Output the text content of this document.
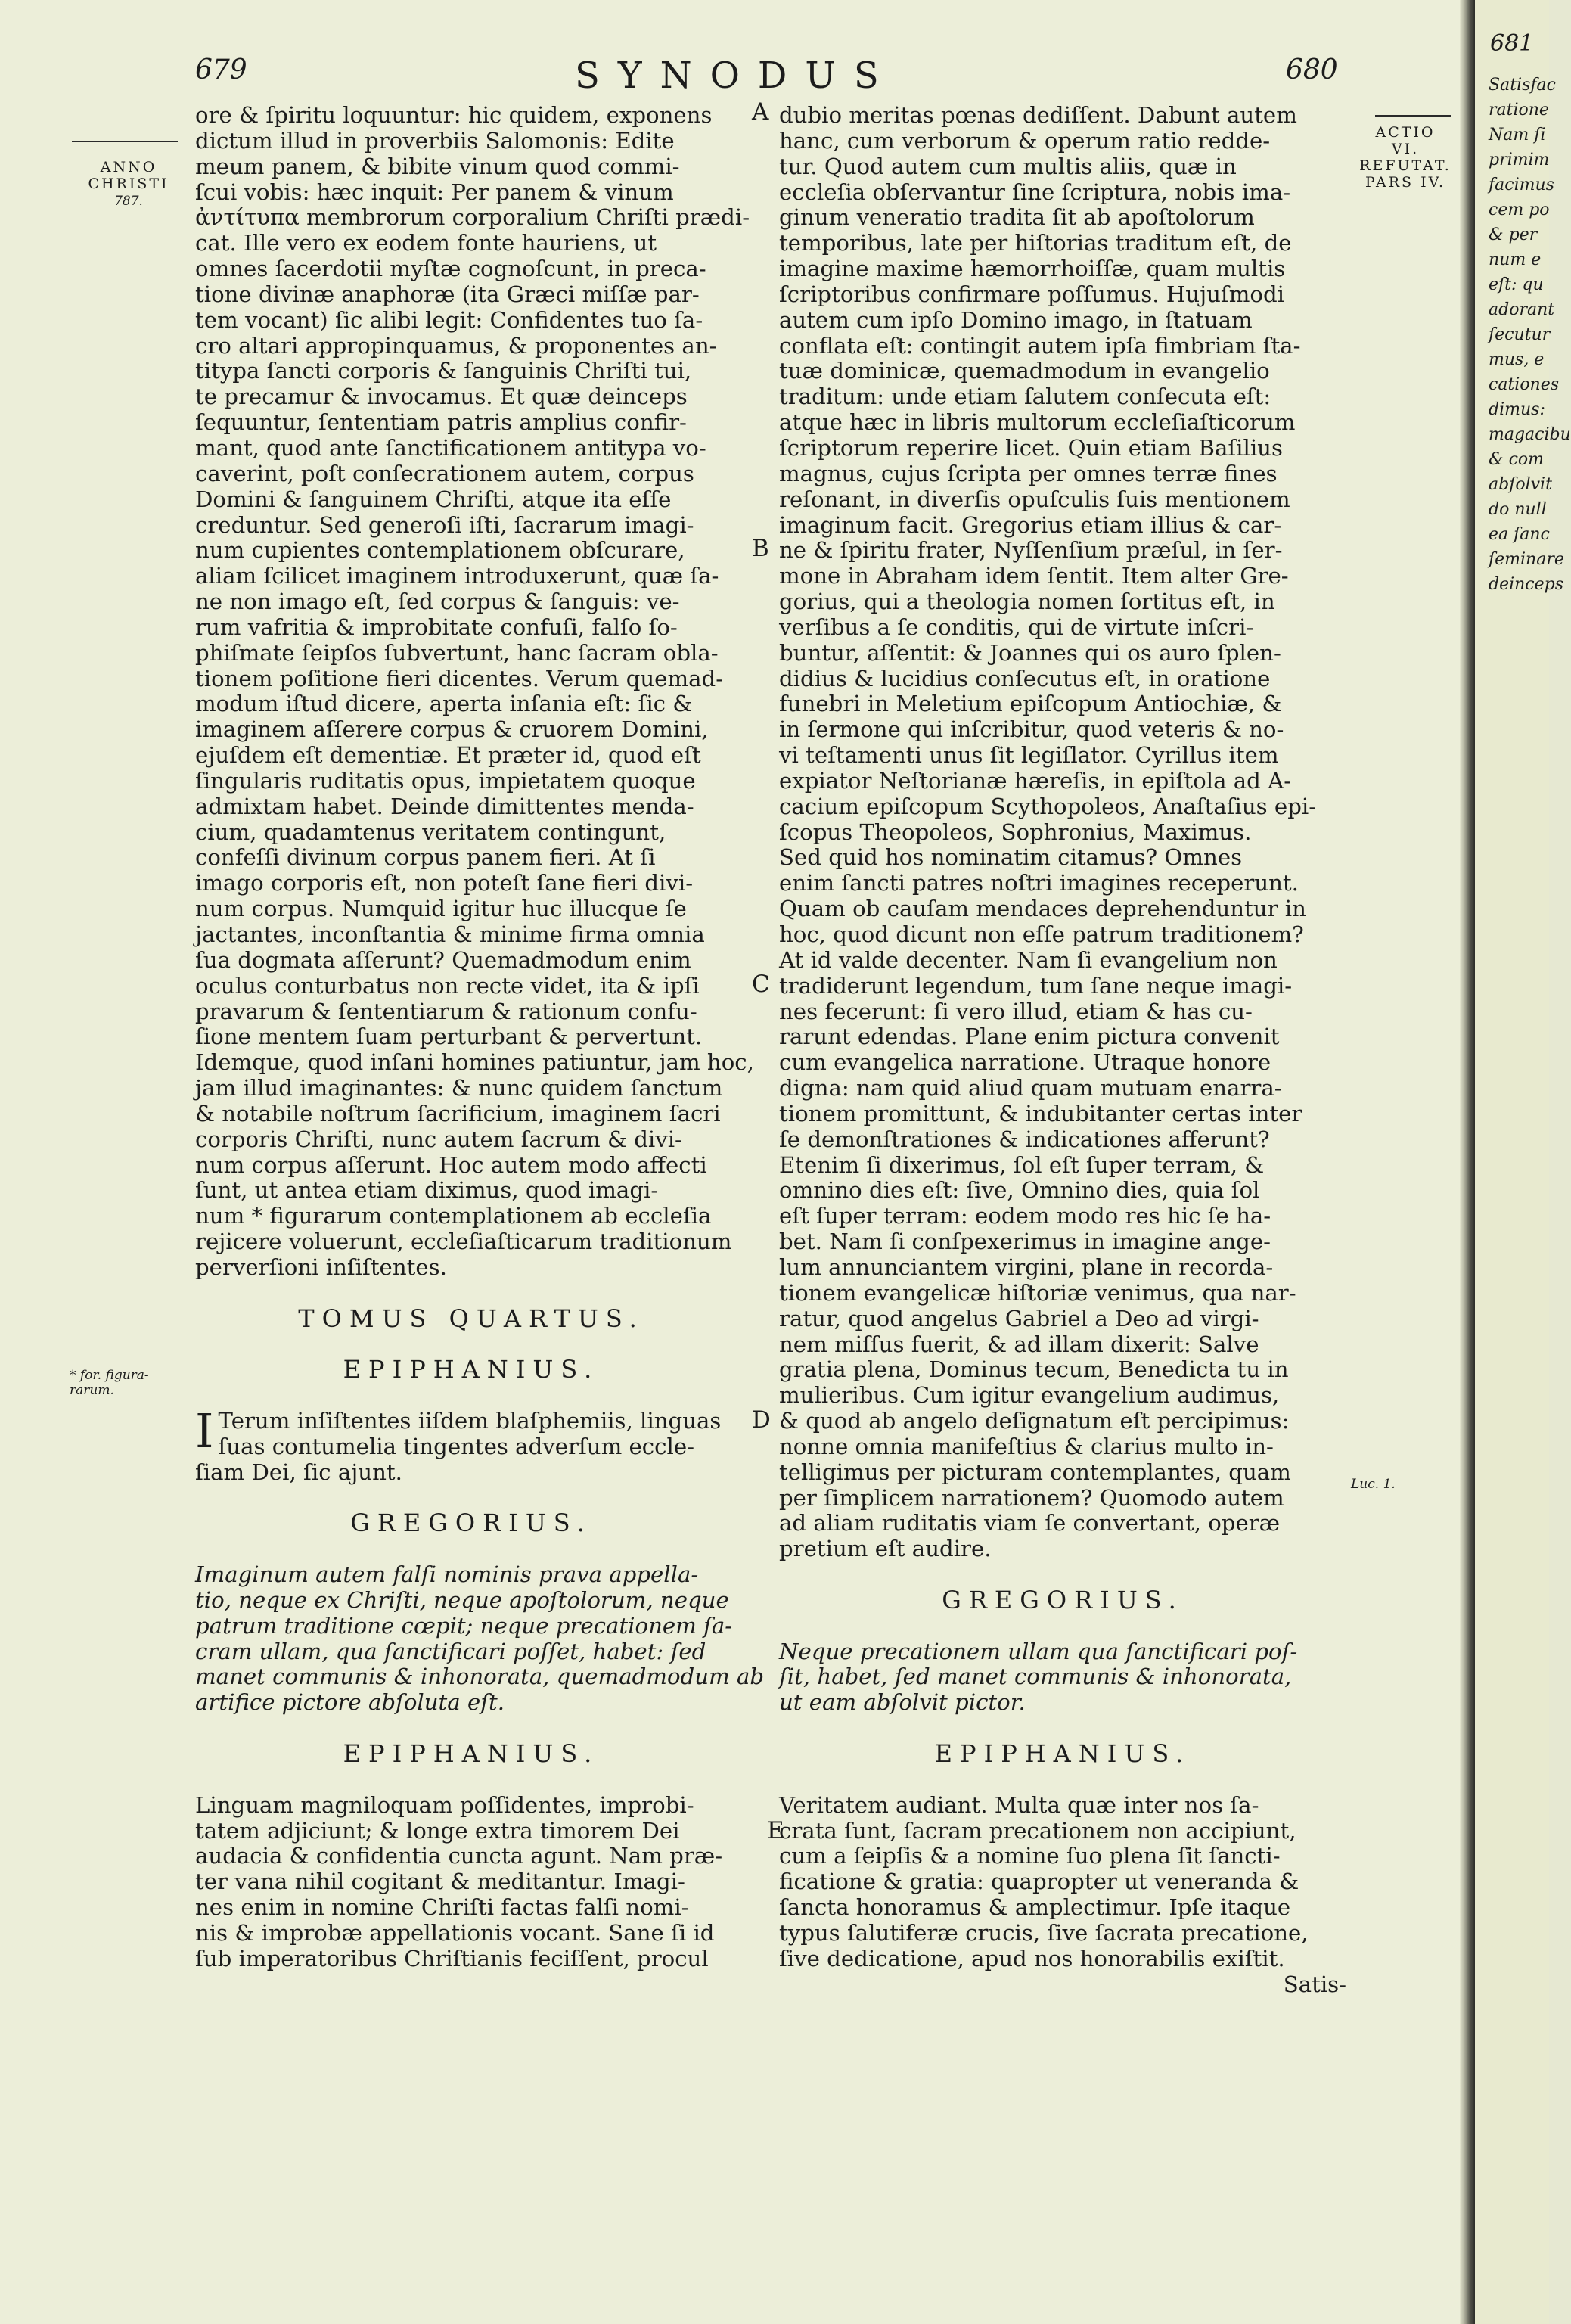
679	SYNODUS	680
ANNO
CHRISTI
787.
ACTIO
VI.
REFUTAT.
PARS IV.
* for. figura-
rarum.
Luc. 1.
A
B
C
D
E
ore & ſpiritu loquuntur: hic quidem, exponens
dictum illud in proverbiis Salomonis: Edite
meum panem, & bibite vinum quod commi-
ſcui vobis: hæc inquit: Per panem & vinum
ἀντίτυπα membrorum corporalium Chriſti prædi-
cat. Ille vero ex eodem fonte hauriens, ut
omnes ſacerdotii myſtæ cognoſcunt, in preca-
tione divinæ anaphoræ (ita Græci miſſæ par-
tem vocant) ſic alibi legit: Confidentes tuo ſa-
cro altari appropinquamus, & proponentes an-
titypa ſancti corporis & ſanguinis Chriſti tui,
te precamur & invocamus. Et quæ deinceps
ſequuntur, ſententiam patris amplius confir-
mant, quod ante ſanctificationem antitypa vo-
caverint, poſt conſecrationem autem, corpus
Domini & ſanguinem Chriſti, atque ita eſſe
creduntur. Sed generoſi iſti, ſacrarum imagi-
num cupientes contemplationem obſcurare,
aliam ſcilicet imaginem introduxerunt, quæ ſa-
ne non imago eſt, ſed corpus & ſanguis: ve-
rum vafritia & improbitate confuſi, falſo ſo-
phiſmate ſeipſos ſubvertunt, hanc ſacram obla-
tionem poſitione fieri dicentes. Verum quemad-
modum iſtud dicere, aperta inſania eſt: ſic &
imaginem aſſerere corpus & cruorem Domini,
ejuſdem eſt dementiæ. Et præter id, quod eſt
ſingularis ruditatis opus, impietatem quoque
admixtam habet. Deinde dimittentes menda-
cium, quadamtenus veritatem contingunt,
confeſſi divinum corpus panem fieri. At ſi
imago corporis eſt, non poteſt ſane fieri divi-
num corpus. Numquid igitur huc illucque ſe
jactantes, inconſtantia & minime firma omnia
ſua dogmata aſſerunt? Quemadmodum enim
oculus conturbatus non recte videt, ita & ipſi
pravarum & ſententiarum & rationum confu-
ſione mentem ſuam perturbant & pervertunt.
Idemque, quod inſani homines patiuntur, jam hoc,
jam illud imaginantes: & nunc quidem ſanctum
& notabile noſtrum ſacrificium, imaginem ſacri
corporis Chriſti, nunc autem ſacrum & divi-
num corpus aſſerunt. Hoc autem modo affecti
ſunt, ut antea etiam diximus, quod imagi-
num * figurarum contemplationem ab eccleſia
rejicere voluerunt, eccleſiaſticarum traditionum
perverſioni inſiſtentes.
TOMUS QUARTUS.
EPIPHANIUS.
I Terum inſiſtentes iiſdem blaſphemiis, linguas
ſuas contumelia tingentes adverſum eccle-
ſiam Dei, ſic ajunt.
GREGORIUS.
Imaginum autem falſi nominis prava appella-
tio, neque ex Chriſti, neque apoſtolorum, neque
patrum traditione cœpit; neque precationem ſa-
cram ullam, qua ſanctificari poſſet, habet: ſed
manet communis & inhonorata, quemadmodum ab
artifice pictore abſoluta eſt.
EPIPHANIUS.
Linguam magniloquam poſſidentes, improbi-
tatem adjiciunt; & longe extra timorem Dei
audacia & confidentia cuncta agunt. Nam præ-
ter vana nihil cogitant & meditantur. Imagi-
nes enim in nomine Chriſti factas falſi nomi-
nis & improbæ appellationis vocant. Sane ſi id
ſub imperatoribus Chriſtianis feciſſent, procul
dubio meritas pœnas dediſſent. Dabunt autem
hanc, cum verborum & operum ratio redde-
tur. Quod autem cum multis aliis, quæ in
eccleſia obſervantur ſine ſcriptura, nobis ima-
ginum veneratio tradita ſit ab apoſtolorum
temporibus, late per hiſtorias traditum eſt, de
imagine maxime hæmorrhoiſſæ, quam multis
ſcriptoribus confirmare poſſumus. Hujuſmodi
autem cum ipſo Domino imago, in ſtatuam
conflata eſt: contingit autem ipſa fimbriam ſta-
tuæ dominicæ, quemadmodum in evangelio
traditum: unde etiam ſalutem conſecuta eſt:
atque hæc in libris multorum eccleſiaſticorum
ſcriptorum reperire licet. Quin etiam Baſilius
magnus, cujus ſcripta per omnes terræ fines
reſonant, in diverſis opuſculis ſuis mentionem
imaginum facit. Gregorius etiam illius & car-
ne & ſpiritu frater, Nyſſenſium præſul, in ſer-
mone in Abraham idem ſentit. Item alter Gre-
gorius, qui a theologia nomen ſortitus eſt, in
verſibus a ſe conditis, qui de virtute inſcri-
buntur, aſſentit: & Joannes qui os auro ſplen-
didius & lucidius conſecutus eſt, in oratione
funebri in Meletium epiſcopum Antiochiæ, &
in ſermone qui inſcribitur, quod veteris & no-
vi teſtamenti unus ſit legiſlator. Cyrillus item
expiator Neſtorianæ hæreſis, in epiſtola ad A-
cacium epiſcopum Scythopoleos, Anaſtaſius epi-
ſcopus Theopoleos, Sophronius, Maximus.
Sed quid hos nominatim citamus? Omnes
enim ſancti patres noſtri imagines receperunt.
Quam ob cauſam mendaces deprehenduntur in
hoc, quod dicunt non eſſe patrum traditionem?
At id valde decenter. Nam ſi evangelium non
tradiderunt legendum, tum ſane neque imagi-
nes fecerunt: ſi vero illud, etiam & has cu-
rarunt edendas. Plane enim pictura convenit
cum evangelica narratione. Utraque honore
digna: nam quid aliud quam mutuam enarra-
tionem promittunt, & indubitanter certas inter
ſe demonſtrationes & indicationes afferunt?
Etenim ſi dixerimus, ſol eſt ſuper terram, &
omnino dies eſt: ſive, Omnino dies, quia ſol
eſt ſuper terram: eodem modo res hic ſe ha-
bet. Nam ſi conſpexerimus in imagine ange-
lum annunciantem virgini, plane in recorda-
tionem evangelicæ hiſtoriæ venimus, qua nar-
ratur, quod angelus Gabriel a Deo ad virgi-
nem miſſus fuerit, & ad illam dixerit: Salve
gratia plena, Dominus tecum, Benedicta tu in
mulieribus. Cum igitur evangelium audimus,
& quod ab angelo deſignatum eſt percipimus:
nonne omnia manifeſtius & clarius multo in-
telligimus per picturam contemplantes, quam
per ſimplicem narrationem? Quomodo autem
ad aliam ruditatis viam ſe convertant, operæ
pretium eſt audire.
GREGORIUS.
Neque precationem ullam qua ſanctificari poſ-
ſit, habet, ſed manet communis & inhonorata,
ut eam abſolvit pictor.
EPIPHANIUS.
Veritatem audiant. Multa quæ inter nos ſa-
crata ſunt, ſacram precationem non accipiunt,
cum a ſeipſis & a nomine ſuo plena ſit ſancti-
ficatione & gratia: quapropter ut veneranda &
ſancta honoramus & amplectimur. Ipſe itaque
typus ſalutiferæ crucis, ſive ſacrata precatione,
ſive dedicatione, apud nos honorabilis exiſtit.
Satis-
681
Satisfac
ratione
Nam ſi
primim
facimus
cem po
& per
num e
eſt: qu
adorant
ſecutur
mus, e
cationes
dimus:
magacibu
& com
abſolvit
do null
ea ſanc
ſeminare
deinceps
